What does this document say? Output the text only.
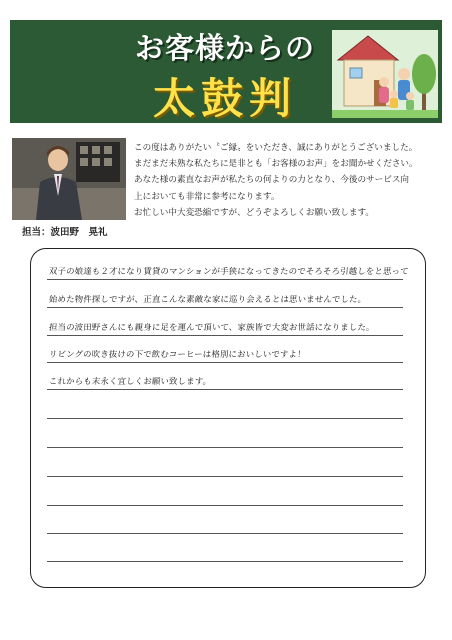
お客様からの
太鼓判
担当：波田野　晃礼
この度はありがたい〝ご縁〟をいただき、誠にありがとうございました。
まだまだ未熟な私たちに是非とも「お客様のお声」をお聞かせください。
あなた様の素直なお声が私たちの何よりの力となり、今後のサービス向
上においても非常に参考になります。
お忙しい中大変恐縮ですが、どうぞよろしくお願い致します。
双子の娘達も２才になり賃貸のマンションが手狭になってきたのでそろそろ引越しをと思って
始めた物件探しですが、正直こんな素敵な家に巡り会えるとは思いませんでした。
担当の波田野さんにも親身に足を運んで頂いて、家族皆で大変お世話になりました。
リビングの吹き抜けの下で飲むコーヒーは格別においしいですよ！
これからも末永く宜しくお願い致します。
